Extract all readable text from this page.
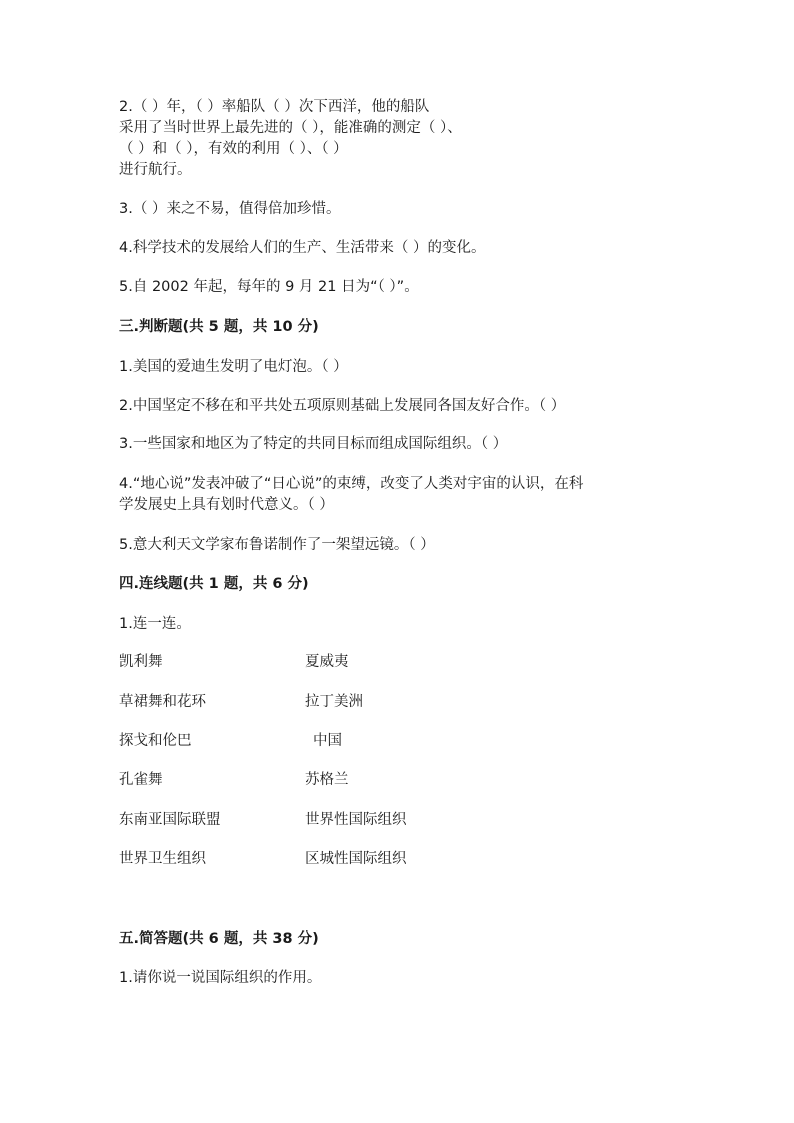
2.（ ）年，（ ）率船队（ ）次下西洋，他的船队

采用了当时世界上最先进的（ ），能准确的测定（ ）、

（ ）和（ ），有效的利用（ ）、（ ）

进行航行。

3.（ ）来之不易，值得倍加珍惜。

4.科学技术的发展给人们的生产、生活带来（ ）的变化。

5.自 2002 年起，每年的 9 月 21 日为“（ ）”。

三.判断题(共 5 题，共 10 分)

1.美国的爱迪生发明了电灯泡。（ ）

2.中国坚定不移在和平共处五项原则基础上发展同各国友好合作。（ ）

3.一些国家和地区为了特定的共同目标而组成国际组织。（ ）

4.“地心说”发表冲破了“日心说”的束缚，改变了人类对宇宙的认识，在科

学发展史上具有划时代意义。（ ）

5.意大利天文学家布鲁诺制作了一架望远镜。（ ）

四.连线题(共 1 题，共 6 分)

1.连一连。

凯利舞

草裙舞和花环

探戈和伦巴

孔雀舞

东南亚国际联盟

世界卫生组织

夏威夷

拉丁美洲

中国

苏格兰

世界性国际组织

区城性国际组织

五.简答题(共 6 题，共 38 分)

1.请你说一说国际组织的作用。
